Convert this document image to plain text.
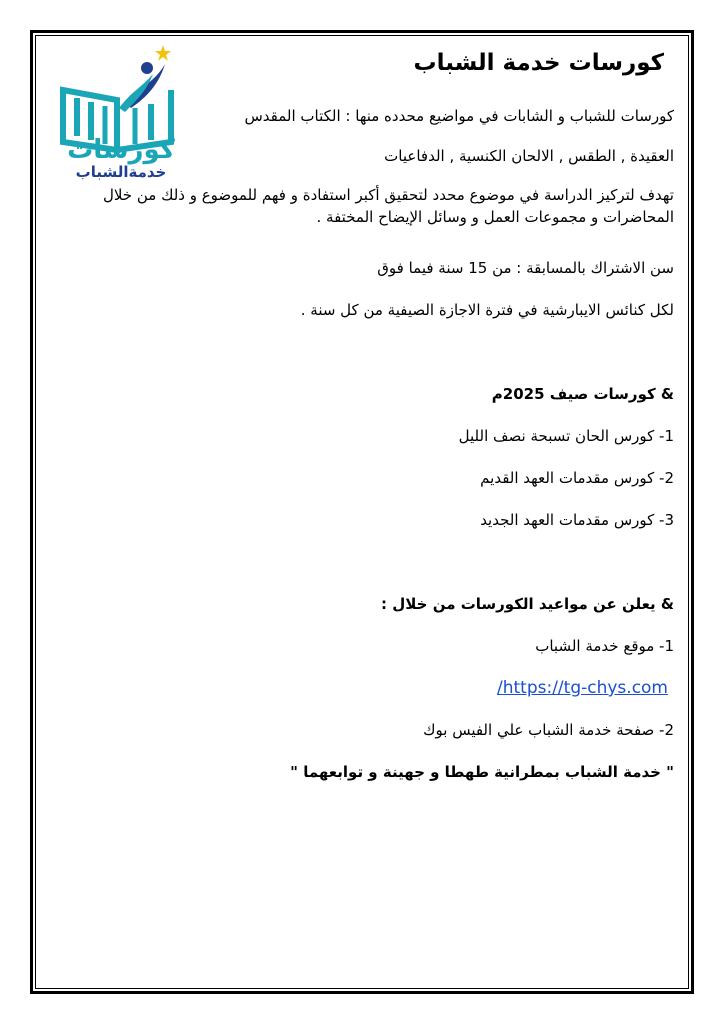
كورسات
خدمةالشباب
كورسات خدمة الشباب
كورسات للشباب و الشابات في مواضيع محدده منها : الكتاب المقدس
العقيدة , الطقس , الالحان الكنسية , الدفاعيات
تهدف لتركيز الدراسة في موضوع محدد لتحقيق أكبر استفادة و فهم للموضوع و ذلك من خلال المحاضرات و مجموعات العمل و وسائل الإيضاح المختفة .
سن الاشتراك بالمسابقة : من 15 سنة فيما فوق
لكل كنائس الايبارشية في فترة الاجازة الصيفية من كل سنة .
& كورسات صيف 2025م
1- كورس الحان تسبحة نصف الليل
2- كورس مقدمات العهد القديم
3- كورس مقدمات العهد الجديد
& يعلن عن مواعيد الكورسات من خلال :
1- موقع خدمة الشباب
https://tg-chys.com/
2- صفحة خدمة الشباب علي الفيس بوك
" خدمة الشباب بمطرانية طهطا و جهينة و توابعهما "
